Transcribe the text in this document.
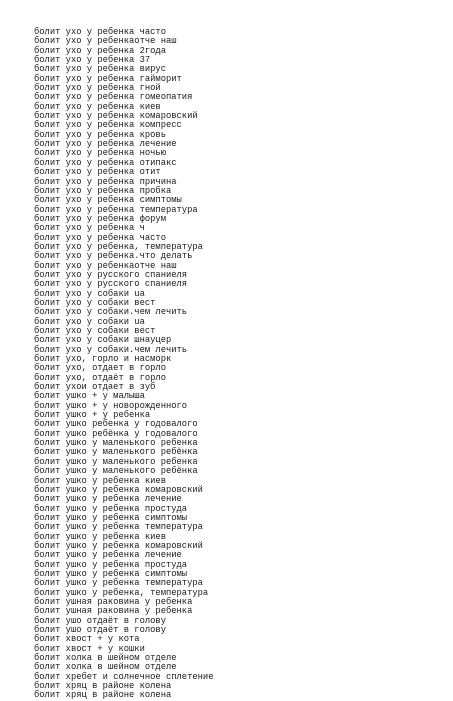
болит ухо у ребенка часто
болит ухо у ребенкаотче наш
болит ухо у ребенка 2года
болит ухо у ребенка 37
болит ухо у ребенка вирус
болит ухо у ребенка гайморит
болит ухо у ребенка гной
болит ухо у ребенка гомеопатия
болит ухо у ребенка киев
болит ухо у ребенка комаровский
болит ухо у ребенка компресс
болит ухо у ребенка кровь
болит ухо у ребенка лечение
болит ухо у ребенка ночью
болит ухо у ребенка отипакс
болит ухо у ребенка отит
болит ухо у ребенка причина
болит ухо у ребенка пробка
болит ухо у ребенка симптомы
болит ухо у ребенка температура
болит ухо у ребенка форум
болит ухо у ребенка ч
болит ухо у ребенка часто
болит ухо у ребенка, температура
болит ухо у ребенка.что делать
болит ухо у ребенкаотче наш
болит ухо у русского спаниеля
болит ухо у русского спаниеля
болит ухо у собаки ua
болит ухо у собаки вест
болит ухо у собаки.чем лечить
болит ухо у собаки ua
болит ухо у собаки вест
болит ухо у собаки шнауцер
болит ухо у собаки.чем лечить
болит ухо, горло и насморк
болит ухо, отдает в горло
болит ухо, отдаёт в горло
болит ухои отдает в зуб
болит ушко + у малыша
болит ушко + у новорожденного
болит ушко + у ребенка
болит ушко ребенка у годовалого
болит ушко ребёнка у годовалого
болит ушко у маленького ребенка
болит ушко у маленького ребёнка
болит ушко у маленького ребенка
болит ушко у маленького ребёнка
болит ушко у ребенка киев
болит ушко у ребенка комаровский
болит ушко у ребенка лечение
болит ушко у ребенка простуда
болит ушко у ребенка симптомы
болит ушко у ребенка температура
болит ушко у ребенка киев
болит ушко у ребенка комаровский
болит ушко у ребенка лечение
болит ушко у ребенка простуда
болит ушко у ребенка симптомы
болит ушко у ребенка температура
болит ушко у ребенка, температура
болит ушная раковина у ребенка
болит ушная раковина у ребенка
болит ушо отдаёт в голову
болит ушо отдаёт в голову
болит хвост + у кота
болит хвост + у кошки
болит холка в шейном отделе
болит холка в шейном отделе
болит хребет и солнечное сплетение
болит хряц в районе колена
болит хряц в районе колена
